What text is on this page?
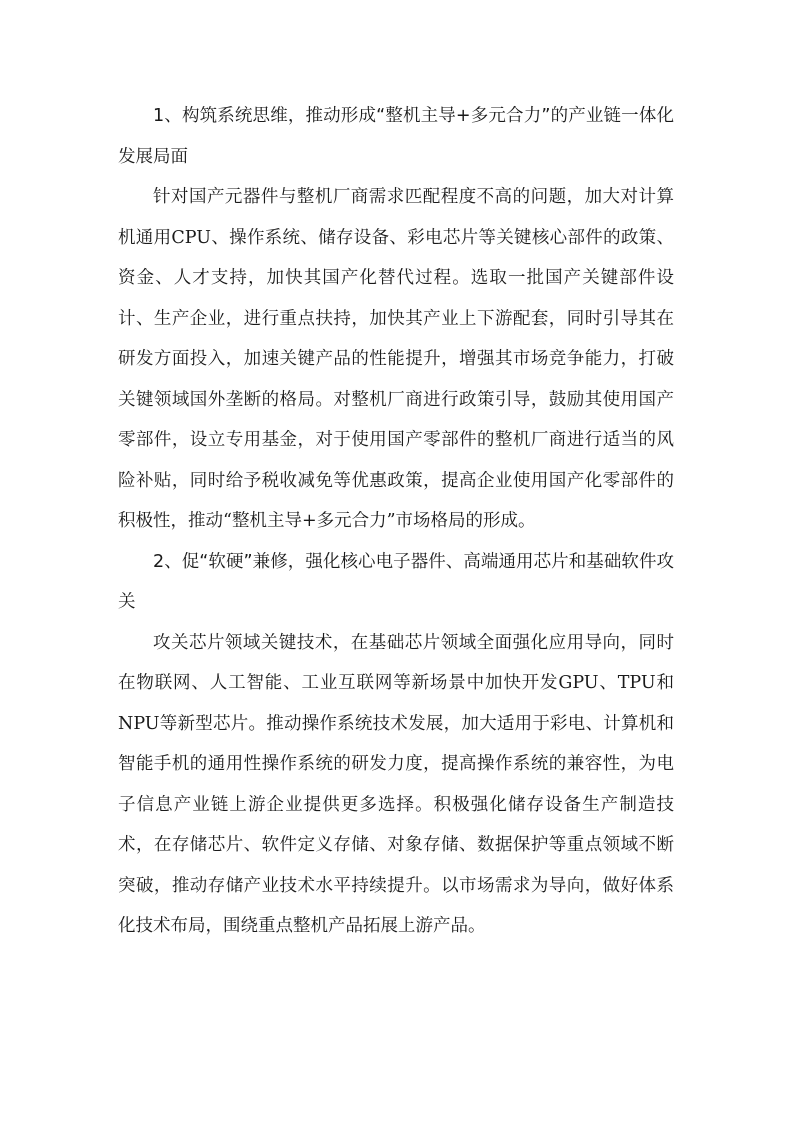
1、构筑系统思维，推动形成“整机主导+多元合力”的产业链一体化发展局面

针对国产元器件与整机厂商需求匹配程度不高的问题，加大对计算机通用CPU、操作系统、储存设备、彩电芯片等关键核心部件的政策、资金、人才支持，加快其国产化替代过程。选取一批国产关键部件设计、生产企业，进行重点扶持，加快其产业上下游配套，同时引导其在研发方面投入，加速关键产品的性能提升，增强其市场竞争能力，打破关键领域国外垄断的格局。对整机厂商进行政策引导，鼓励其使用国产零部件，设立专用基金，对于使用国产零部件的整机厂商进行适当的风险补贴，同时给予税收减免等优惠政策，提高企业使用国产化零部件的积极性，推动“整机主导+多元合力”市场格局的形成。

2、促“软硬”兼修，强化核心电子器件、高端通用芯片和基础软件攻关

攻关芯片领域关键技术，在基础芯片领域全面强化应用导向，同时在物联网、人工智能、工业互联网等新场景中加快开发GPU、TPU和NPU等新型芯片。推动操作系统技术发展，加大适用于彩电、计算机和智能手机的通用性操作系统的研发力度，提高操作系统的兼容性，为电子信息产业链上游企业提供更多选择。积极强化储存设备生产制造技术，在存储芯片、软件定义存储、对象存储、数据保护等重点领域不断突破，推动存储产业技术水平持续提升。以市场需求为导向，做好体系化技术布局，围绕重点整机产品拓展上游产品。
